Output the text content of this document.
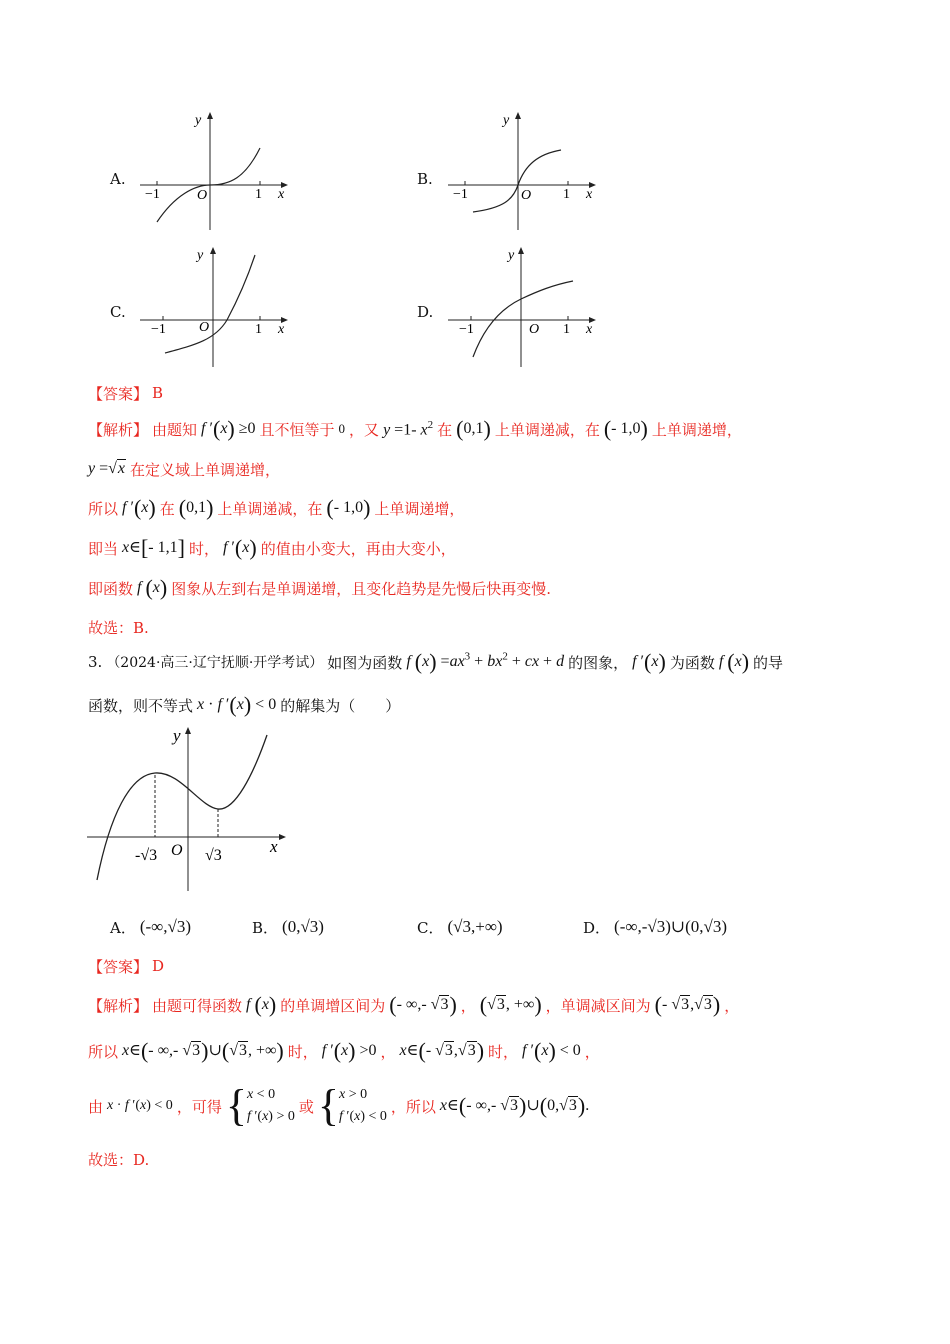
A.
y
x
O
−1	1
B.
y
x
O
−1	1
C.
y
x
O
−1	1
D.
y
x
O
−1	1
【答案】 B
【解析】 由题知 f ′(x) ≥0 且不恒等于 0 ，又 y =1- $x^2$ 在 (0,1) 上单调递减，在 (- 1,0) 上单调递增，
y =√x 在定义域上单调递增，
所以 f ′(x) 在 (0,1) 上单调递减，在 (- 1,0) 上单调递增，
即当 x∈[- 1,1] 时， f ′(x) 的值由小变大，再由大变小，
即函数 f (x) 图象从左到右是单调递增，且变化趋势是先慢后快再变慢.
故选：B.
3. （2024·高三·辽宁抚顺·开学考试） 如图为函数 f $(x) =ax^3 + bx^2$ + cx + d 的图象， f ′(x) 为函数 f (x) 的导
函数，则不等式 x · f ′(x) < 0 的解集为（　　）
y
x
O
-√3	√3
A． (-∞,√3)	B． (0,√3)	C． (√3,+∞)	D． (-∞,-√3)∪(0,√3)
【答案】 D
【解析】 由题可得函数 f (x) 的单调增区间为 (- ∞,- √3) ， (√3, +∞) ，单调减区间为 (- √3,√3) ，
所以 x∈(- ∞,- √3)∪(√3, +∞) 时， f ′(x) >0 ， x∈(- √3,√3) 时， f ′(x) < 0 ，
由 x · f ′(x) < 0 ，可得 { x < 0
f ′(x) > 0
或 { x > 0
f ′(x) < 0
，所以 x∈(- ∞,- √3)∪(0,√3).
故选：D.
